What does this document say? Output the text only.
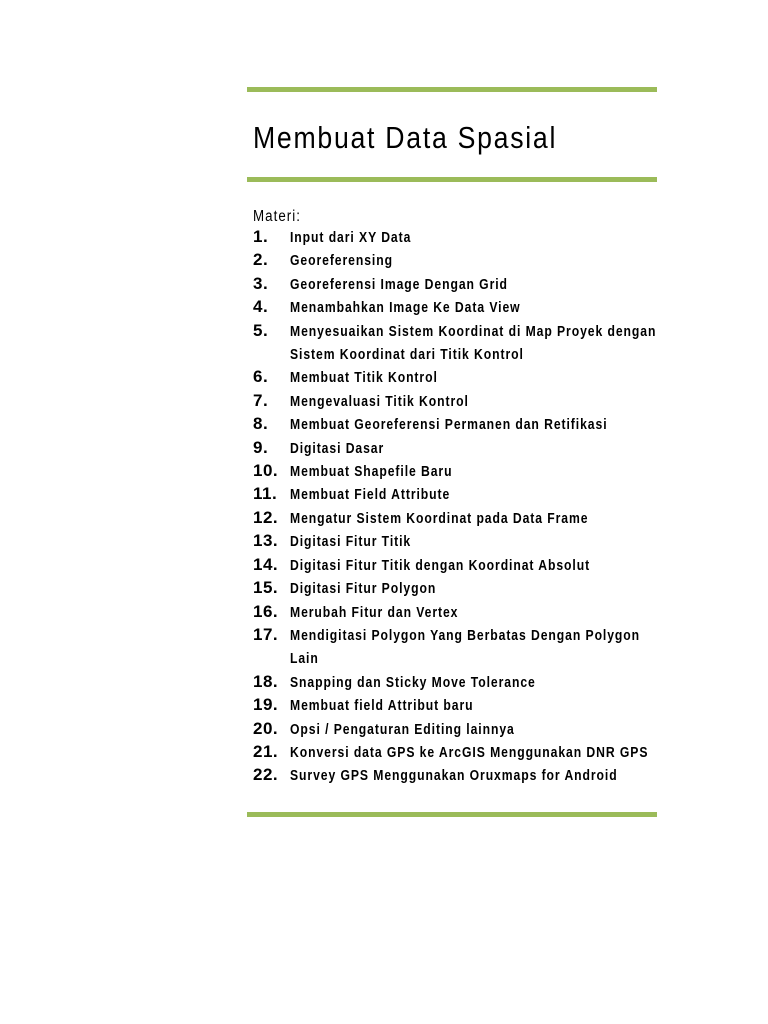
Membuat Data Spasial
Materi:
1. Input dari XY Data
2. Georeferensing
3. Georeferensi Image Dengan Grid
4. Menambahkan Image Ke Data View
5. Menyesuaikan Sistem Koordinat di Map Proyek dengan Sistem Koordinat dari Titik Kontrol
6. Membuat Titik Kontrol
7. Mengevaluasi Titik Kontrol
8. Membuat Georeferensi Permanen dan Retifikasi
9. Digitasi Dasar
10. Membuat Shapefile Baru
11. Membuat Field Attribute
12. Mengatur Sistem Koordinat pada Data Frame
13. Digitasi Fitur Titik
14. Digitasi Fitur Titik dengan Koordinat Absolut
15. Digitasi Fitur Polygon
16. Merubah Fitur dan Vertex
17. Mendigitasi Polygon Yang Berbatas Dengan Polygon Lain
18. Snapping dan Sticky Move Tolerance
19. Membuat field Attribut baru
20. Opsi / Pengaturan Editing lainnya
21. Konversi data GPS ke ArcGIS Menggunakan DNR GPS
22. Survey GPS Menggunakan Oruxmaps for Android
